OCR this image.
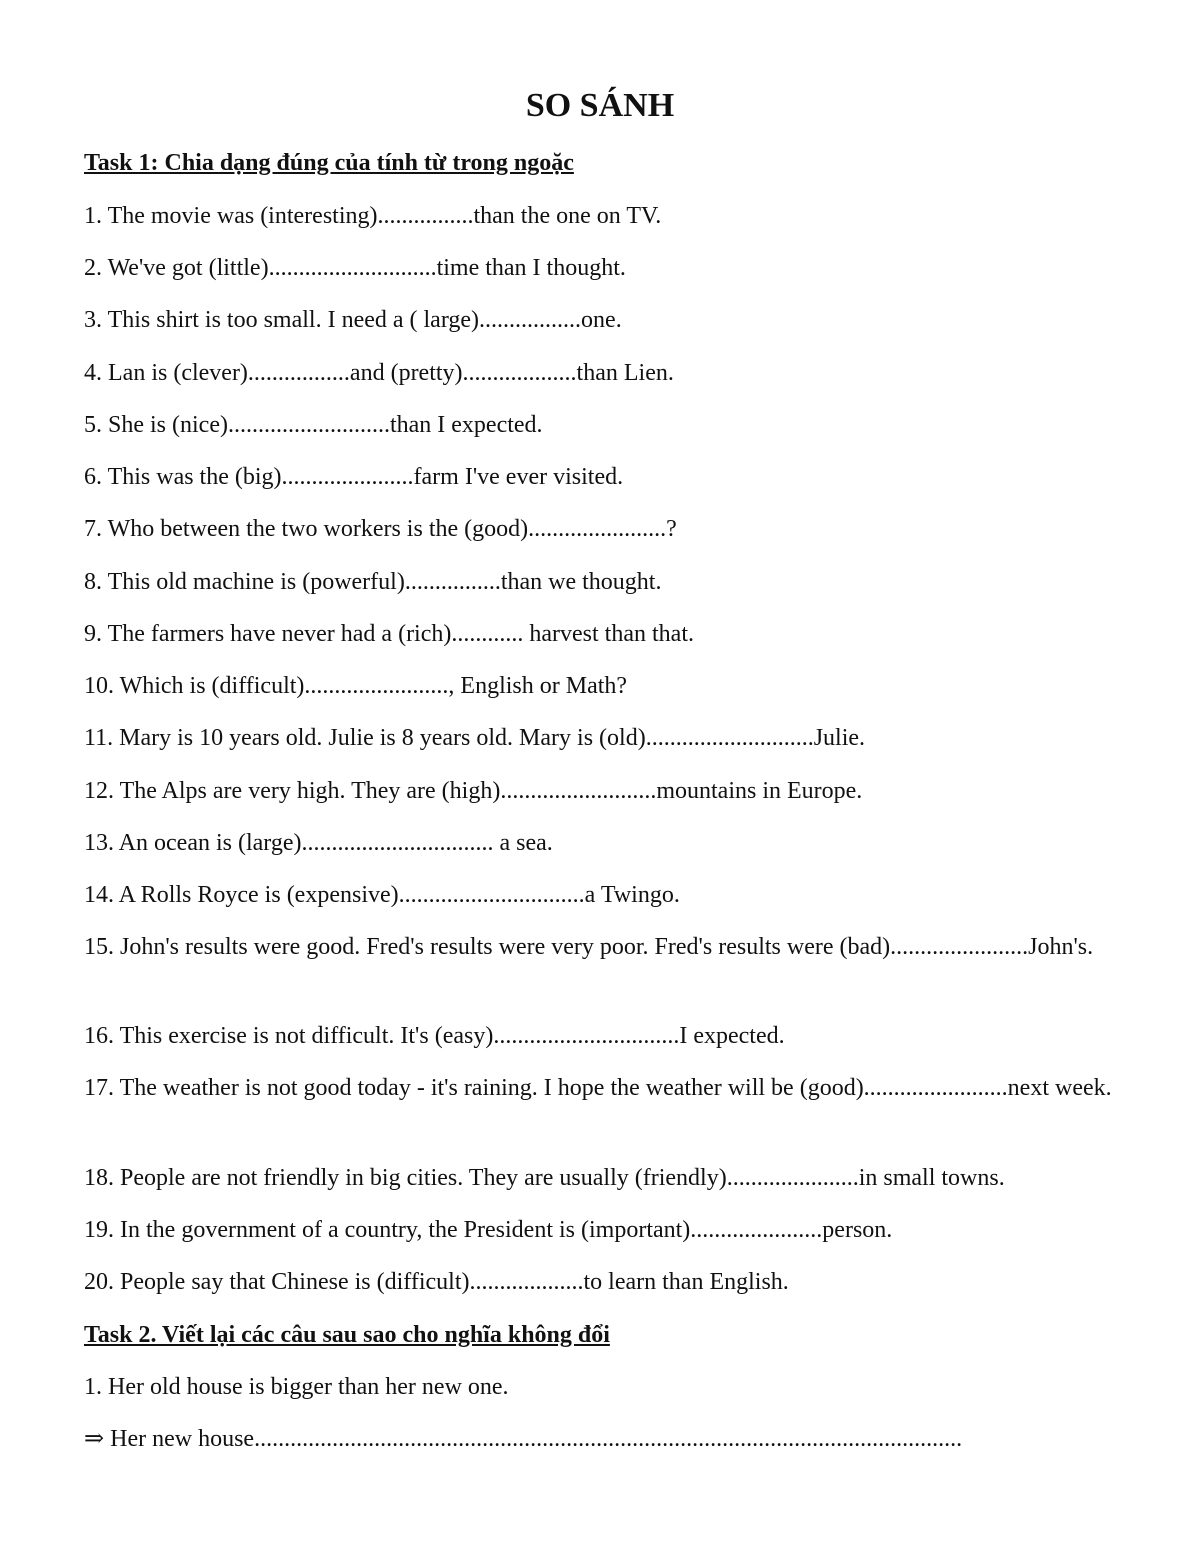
SO SÁNH
Task 1: Chia dạng đúng của tính từ trong ngoặc
1. The movie was (interesting)................than the one on TV.
2. We've got (little)............................time than I thought.
3. This shirt is too small. I need a ( large).................one.
4. Lan is (clever).................and (pretty)...................than Lien.
5. She is (nice)...........................than I expected.
6. This was the (big)......................farm I've ever visited.
7. Who between the two workers is the (good).......................?
8. This old machine is (powerful)................than we thought.
9. The farmers have never had a (rich)............ harvest than that.
10. Which is (difficult)........................, English or Math?
11. Mary is 10 years old. Julie is 8 years old. Mary is (old)............................Julie.
12. The Alps are very high. They are (high)..........................mountains in Europe.
13. An ocean is (large)................................ a sea.
14. A Rolls Royce is (expensive)...............................a Twingo.
15. John's results were good. Fred's results were very poor. Fred's results were (bad).......................John's.
16. This exercise is not difficult. It's (easy)...............................I expected.
17. The weather is not good today - it's raining. I hope the weather will be (good)........................next week.
18. People are not friendly in big cities. They are usually (friendly)......................in small towns.
19. In the government of a country, the President is (important)......................person.
20. People say that Chinese is (difficult)...................to learn than English.
Task 2. Viết lại các câu sau sao cho nghĩa không đổi
1. Her old house is bigger than her new one.
⇒ Her new house......................................................................................................................
